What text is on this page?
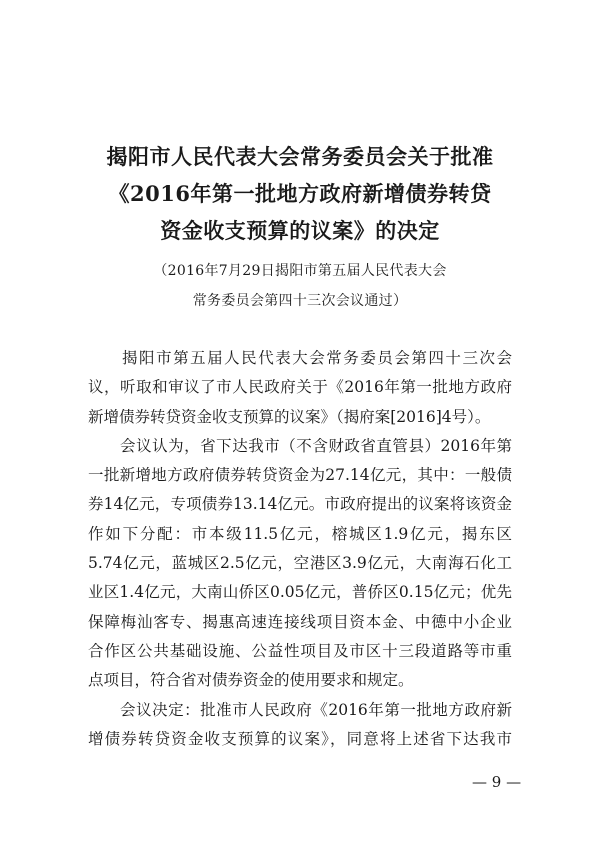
揭阳市人民代表大会常务委员会关于批准
《2016年第一批地方政府新增债券转贷
资金收支预算的议案》的决定
（2016年7月29日揭阳市第五届人民代表大会
常务委员会第四十三次会议通过）
　　揭阳市第五届人民代表大会常务委员会第四十三次会
议，听取和审议了市人民政府关于《2016年第一批地方政府
新增债券转贷资金收支预算的议案》（揭府案[2016]4号）。
　　会议认为，省下达我市（不含财政省直管县）2016年第
一批新增地方政府债券转贷资金为27.14亿元，其中：一般债
券14亿元，专项债券13.14亿元。市政府提出的议案将该资金
作如下分配：市本级11.5亿元，榕城区1.9亿元，揭东区
5.74亿元，蓝城区2.5亿元，空港区3.9亿元，大南海石化工
业区1.4亿元，大南山侨区0.05亿元，普侨区0.15亿元；优先
保障梅汕客专、揭惠高速连接线项目资本金、中德中小企业
合作区公共基础设施、公益性项目及市区十三段道路等市重
点项目，符合省对债券资金的使用要求和规定。
　　会议决定：批准市人民政府《2016年第一批地方政府新
增债券转贷资金收支预算的议案》，同意将上述省下达我市
— 9 —
